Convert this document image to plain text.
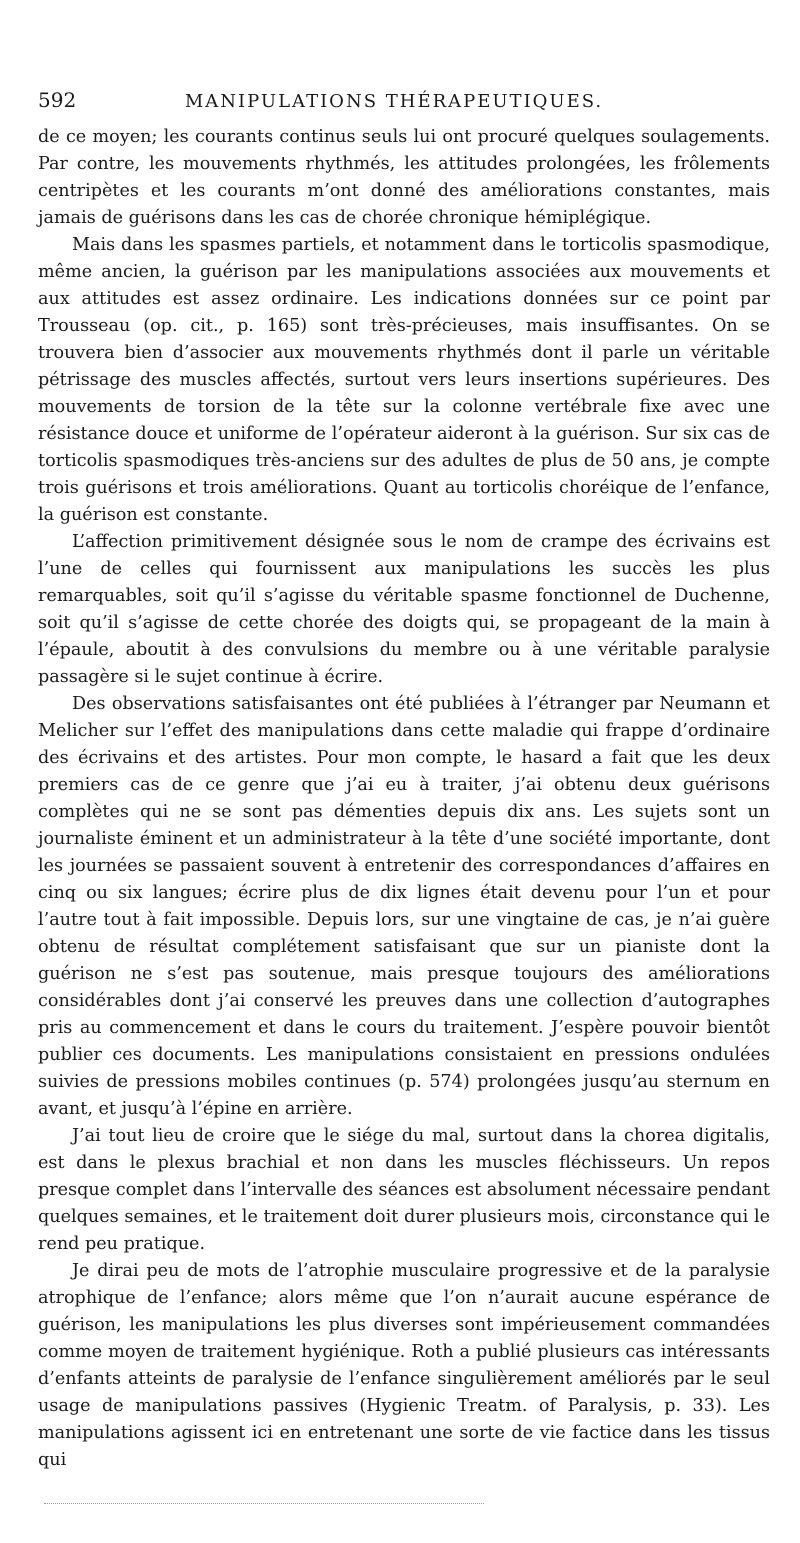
592	MANIPULATIONS THÉRAPEUTIQUES.

de ce moyen; les courants continus seuls lui ont procuré quelques soulagements. Par contre, les mouvements rhythmés, les attitudes prolongées, les frôlements centripètes et les courants m’ont donné des améliorations constantes, mais jamais de guérisons dans les cas de chorée chronique hémiplégique.

Mais dans les spasmes partiels, et notamment dans le torticolis spasmodique, même ancien, la guérison par les manipulations associées aux mouvements et aux attitudes est assez ordinaire. Les indications données sur ce point par Trousseau (op. cit., p. 165) sont très-précieuses, mais insuffisantes. On se trouvera bien d’associer aux mouvements rhythmés dont il parle un véritable pétrissage des muscles affectés, surtout vers leurs insertions supérieures. Des mouvements de torsion de la tête sur la colonne vertébrale fixe avec une résistance douce et uniforme de l’opérateur aideront à la guérison. Sur six cas de torticolis spasmodiques très-anciens sur des adultes de plus de 50 ans, je compte trois guérisons et trois améliorations. Quant au torticolis choréique de l’enfance, la guérison est constante.

L’affection primitivement désignée sous le nom de crampe des écrivains est l’une de celles qui fournissent aux manipulations les succès les plus remarquables, soit qu’il s’agisse du véritable spasme fonctionnel de Duchenne, soit qu’il s’agisse de cette chorée des doigts qui, se propageant de la main à l’épaule, aboutit à des convulsions du membre ou à une véritable paralysie passagère si le sujet continue à écrire.

Des observations satisfaisantes ont été publiées à l’étranger par Neumann et Melicher sur l’effet des manipulations dans cette maladie qui frappe d’ordinaire des écrivains et des artistes. Pour mon compte, le hasard a fait que les deux premiers cas de ce genre que j’ai eu à traiter, j’ai obtenu deux guérisons complètes qui ne se sont pas démenties depuis dix ans. Les sujets sont un journaliste éminent et un administrateur à la tête d’une société importante, dont les journées se passaient souvent à entretenir des correspondances d’affaires en cinq ou six langues; écrire plus de dix lignes était devenu pour l’un et pour l’autre tout à fait impossible. Depuis lors, sur une vingtaine de cas, je n’ai guère obtenu de résultat complétement satisfaisant que sur un pianiste dont la guérison ne s’est pas soutenue, mais presque toujours des améliorations considérables dont j’ai conservé les preuves dans une collection d’autographes pris au commencement et dans le cours du traitement. J’espère pouvoir bientôt publier ces documents. Les manipulations consistaient en pressions ondulées suivies de pressions mobiles continues (p. 574) prolongées jusqu’au sternum en avant, et jusqu’à l’épine en arrière.

J’ai tout lieu de croire que le siége du mal, surtout dans la chorea digitalis, est dans le plexus brachial et non dans les muscles fléchisseurs. Un repos presque complet dans l’intervalle des séances est absolument nécessaire pendant quelques semaines, et le traitement doit durer plusieurs mois, circonstance qui le rend peu pratique.

Je dirai peu de mots de l’atrophie musculaire progressive et de la paralysie atrophique de l’enfance; alors même que l’on n’aurait aucune espérance de guérison, les manipulations les plus diverses sont impérieusement commandées comme moyen de traitement hygiénique. Roth a publié plusieurs cas intéressants d’enfants atteints de paralysie de l’enfance singulièrement améliorés par le seul usage de manipulations passives (Hygienic Treatm. of Paralysis, p. 33). Les manipulations agissent ici en entretenant une sorte de vie factice dans les tissus qui
